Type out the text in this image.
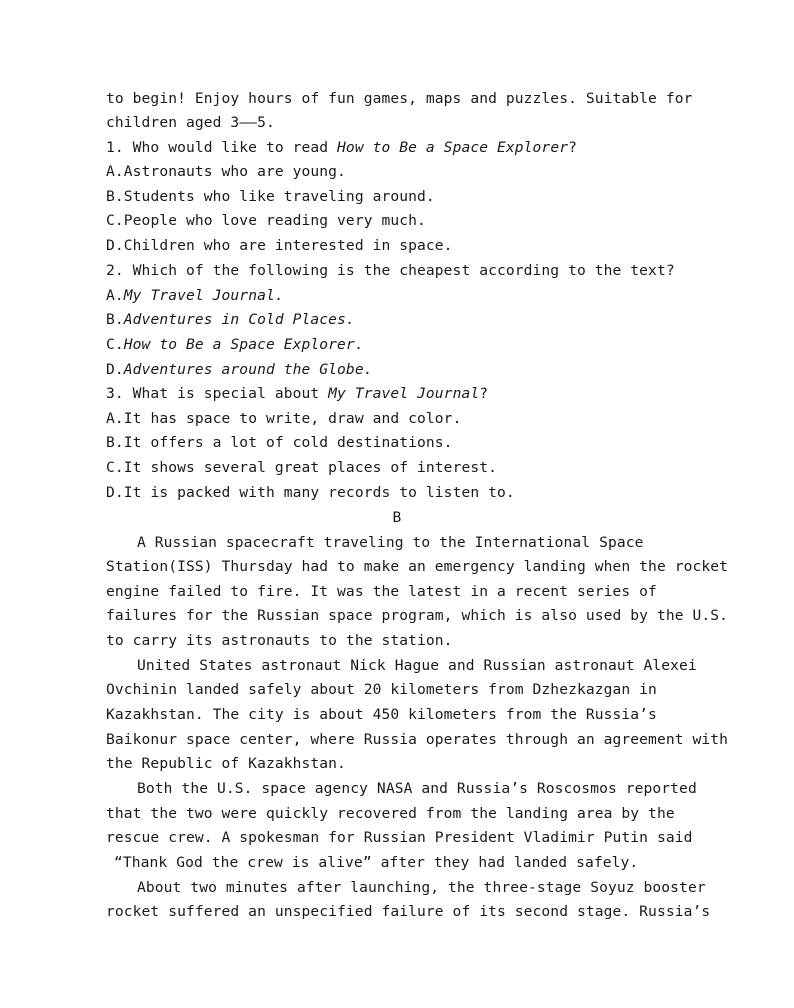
to begin! Enjoy hours of fun games, maps and puzzles. Suitable for
children aged 3——5.
1. Who would like to read How to Be a Space Explorer?
A.Astronauts who are young.
B.Students who like traveling around.
C.People who love reading very much.
D.Children who are interested in space.
2. Which of the following is the cheapest according to the text?
A.My Travel Journal.
B.Adventures in Cold Places.
C.How to Be a Space Explorer.
D.Adventures around the Globe.
3. What is special about My Travel Journal?
A.It has space to write, draw and color.
B.It offers a lot of cold destinations.
C.It shows several great places of interest.
D.It is packed with many records to listen to.
B
A Russian spacecraft traveling to the International Space
Station(ISS) Thursday had to make an emergency landing when the rocket
engine failed to fire. It was the latest in a recent series of
failures for the Russian space program, which is also used by the U.S.
to carry its astronauts to the station.
United States astronaut Nick Hague and Russian astronaut Alexei
Ovchinin landed safely about 20 kilometers from Dzhezkazgan in
Kazakhstan. The city is about 450 kilometers from the Russia’s
Baikonur space center, where Russia operates through an agreement with
the Republic of Kazakhstan.
Both the U.S. space agency NASA and Russia’s Roscosmos reported
that the two were quickly recovered from the landing area by the
rescue crew. A spokesman for Russian President Vladimir Putin said
“Thank God the crew is alive” after they had landed safely.
About two minutes after launching, the three-stage Soyuz booster
rocket suffered an unspecified failure of its second stage. Russia’s
